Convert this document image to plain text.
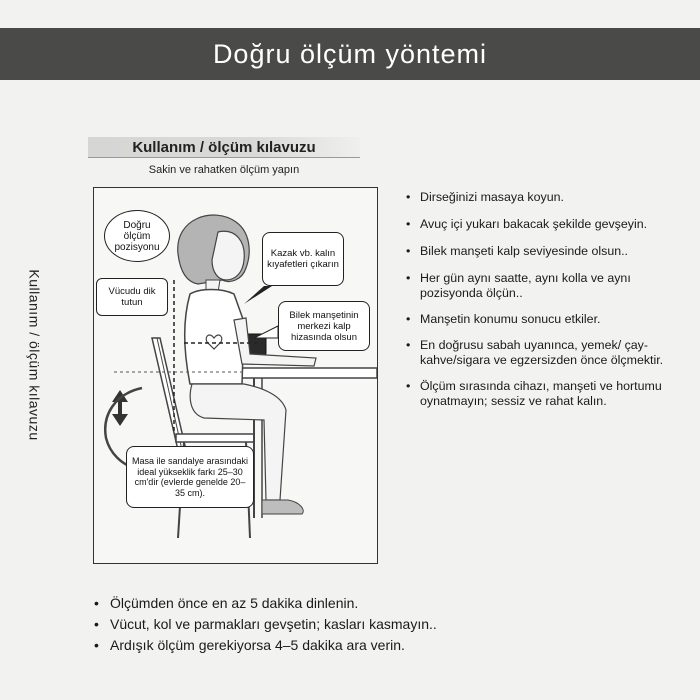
Doğru ölçüm yöntemi
Kullanım / ölçüm kılavuzu
Sakin ve rahatken ölçüm yapın
Kullanım / ölçüm kılavuzu
Doğru ölçüm pozisyonu
Vücudu dik tutun
Kazak vb. kalın kıyafetleri çıkarın
Bilek manşetinin merkezi kalp hizasında olsun
Masa ile sandalye arasındaki ideal yükseklik farkı 25–30 cm'dir (evlerde genelde 20–35 cm).
• Dirseğinizi masaya koyun.
• Avuç içi yukarı bakacak şekilde gevşeyin.
• Bilek manşeti kalp seviyesinde olsun..
• Her gün aynı saatte, aynı kolla ve aynı pozisyonda ölçün..
• Manşetin konumu sonucu etkiler.
• En doğrusu sabah uyanınca, yemek/ çay-kahve/sigara ve egzersizden önce ölçmektir.
• Ölçüm sırasında cihazı, manşeti ve hortumu oynatmayın; sessiz ve rahat kalın.
• Ölçümden önce en az 5 dakika dinlenin.
• Vücut, kol ve parmakları gevşetin; kasları kasmayın..
• Ardışık ölçüm gerekiyorsa 4–5 dakika ara verin.
